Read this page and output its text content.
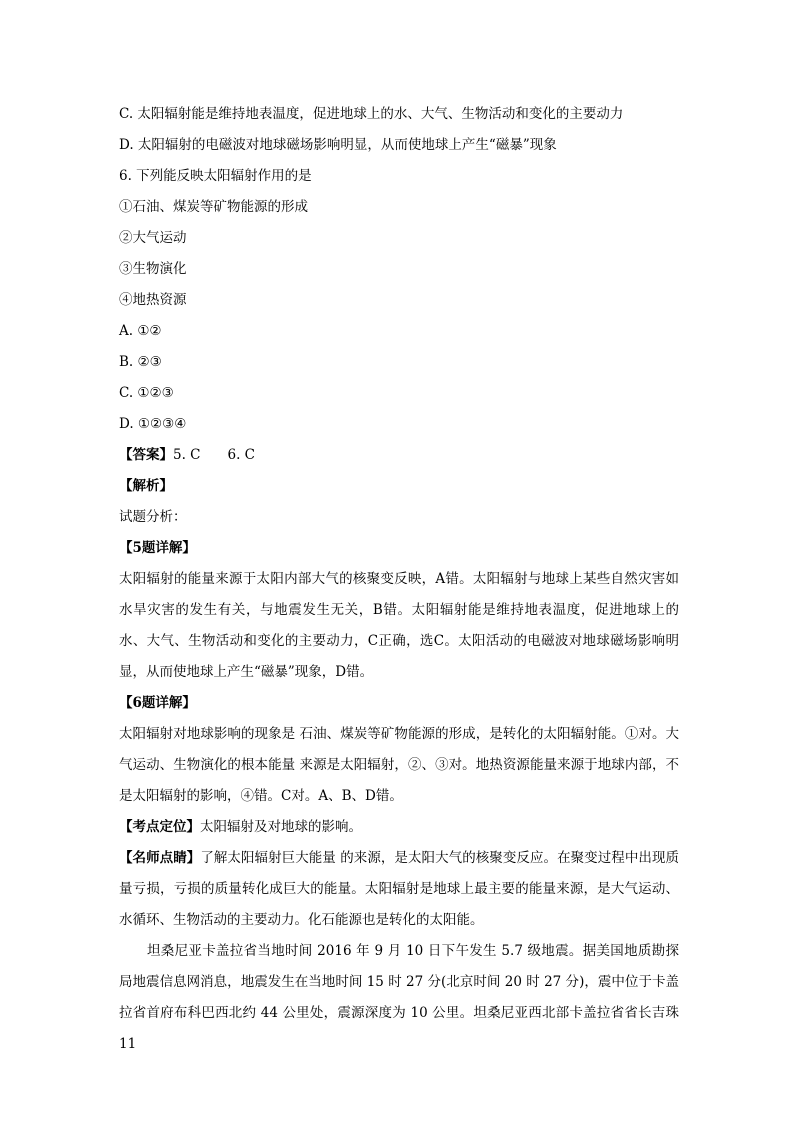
C. 太阳辐射能是维持地表温度，促进地球上的水、大气、生物活动和变化的主要动力
D. 太阳辐射的电磁波对地球磁场影响明显，从而使地球上产生“磁暴”现象
6. 下列能反映太阳辐射作用的是
①石油、煤炭等矿物能源的形成
②大气运动
③生物演化
④地热资源
A. ①②
B. ②③
C. ①②③
D. ①②③④
【答案】5. C　　6. C
【解析】
试题分析：
【5题详解】

太阳辐射的能量来源于太阳内部大气的核聚变反映，A错。太阳辐射与地球上某些自然灾害如水旱灾害的发生有关，与地震发生无关，B错。太阳辐射能是维持地表温度，促进地球上的水、大气、生物活动和变化的主要动力，C正确，选C。太阳活动的电磁波对地球磁场影响明显，从而使地球上产生“磁暴”现象，D错。

【6题详解】

太阳辐射对地球影响的现象是 石油、煤炭等矿物能源的形成，是转化的太阳辐射能。①对。大气运动、生物演化的根本能量 来源是太阳辐射，②、③对。地热资源能量来源于地球内部，不是太阳辐射的影响，④错。C对。A、B、D错。

【考点定位】太阳辐射及对地球的影响。

【名师点睛】了解太阳辐射巨大能量 的来源，是太阳大气的核聚变反应。在聚变过程中出现质量亏损，亏损的质量转化成巨大的能量。太阳辐射是地球上最主要的能量来源，是大气运动、水循环、生物活动的主要动力。化石能源也是转化的太阳能。

坦桑尼亚卡盖拉省当地时间 2016 年 9 月 10 日下午发生 5.7 级地震。据美国地质勘探局地震信息网消息，地震发生在当地时间 15 时 27 分(北京时间 20 时 27 分)，震中位于卡盖拉省首府布科巴西北约 44 公里处，震源深度为 10 公里。坦桑尼亚西北部卡盖拉省省长吉珠 11
